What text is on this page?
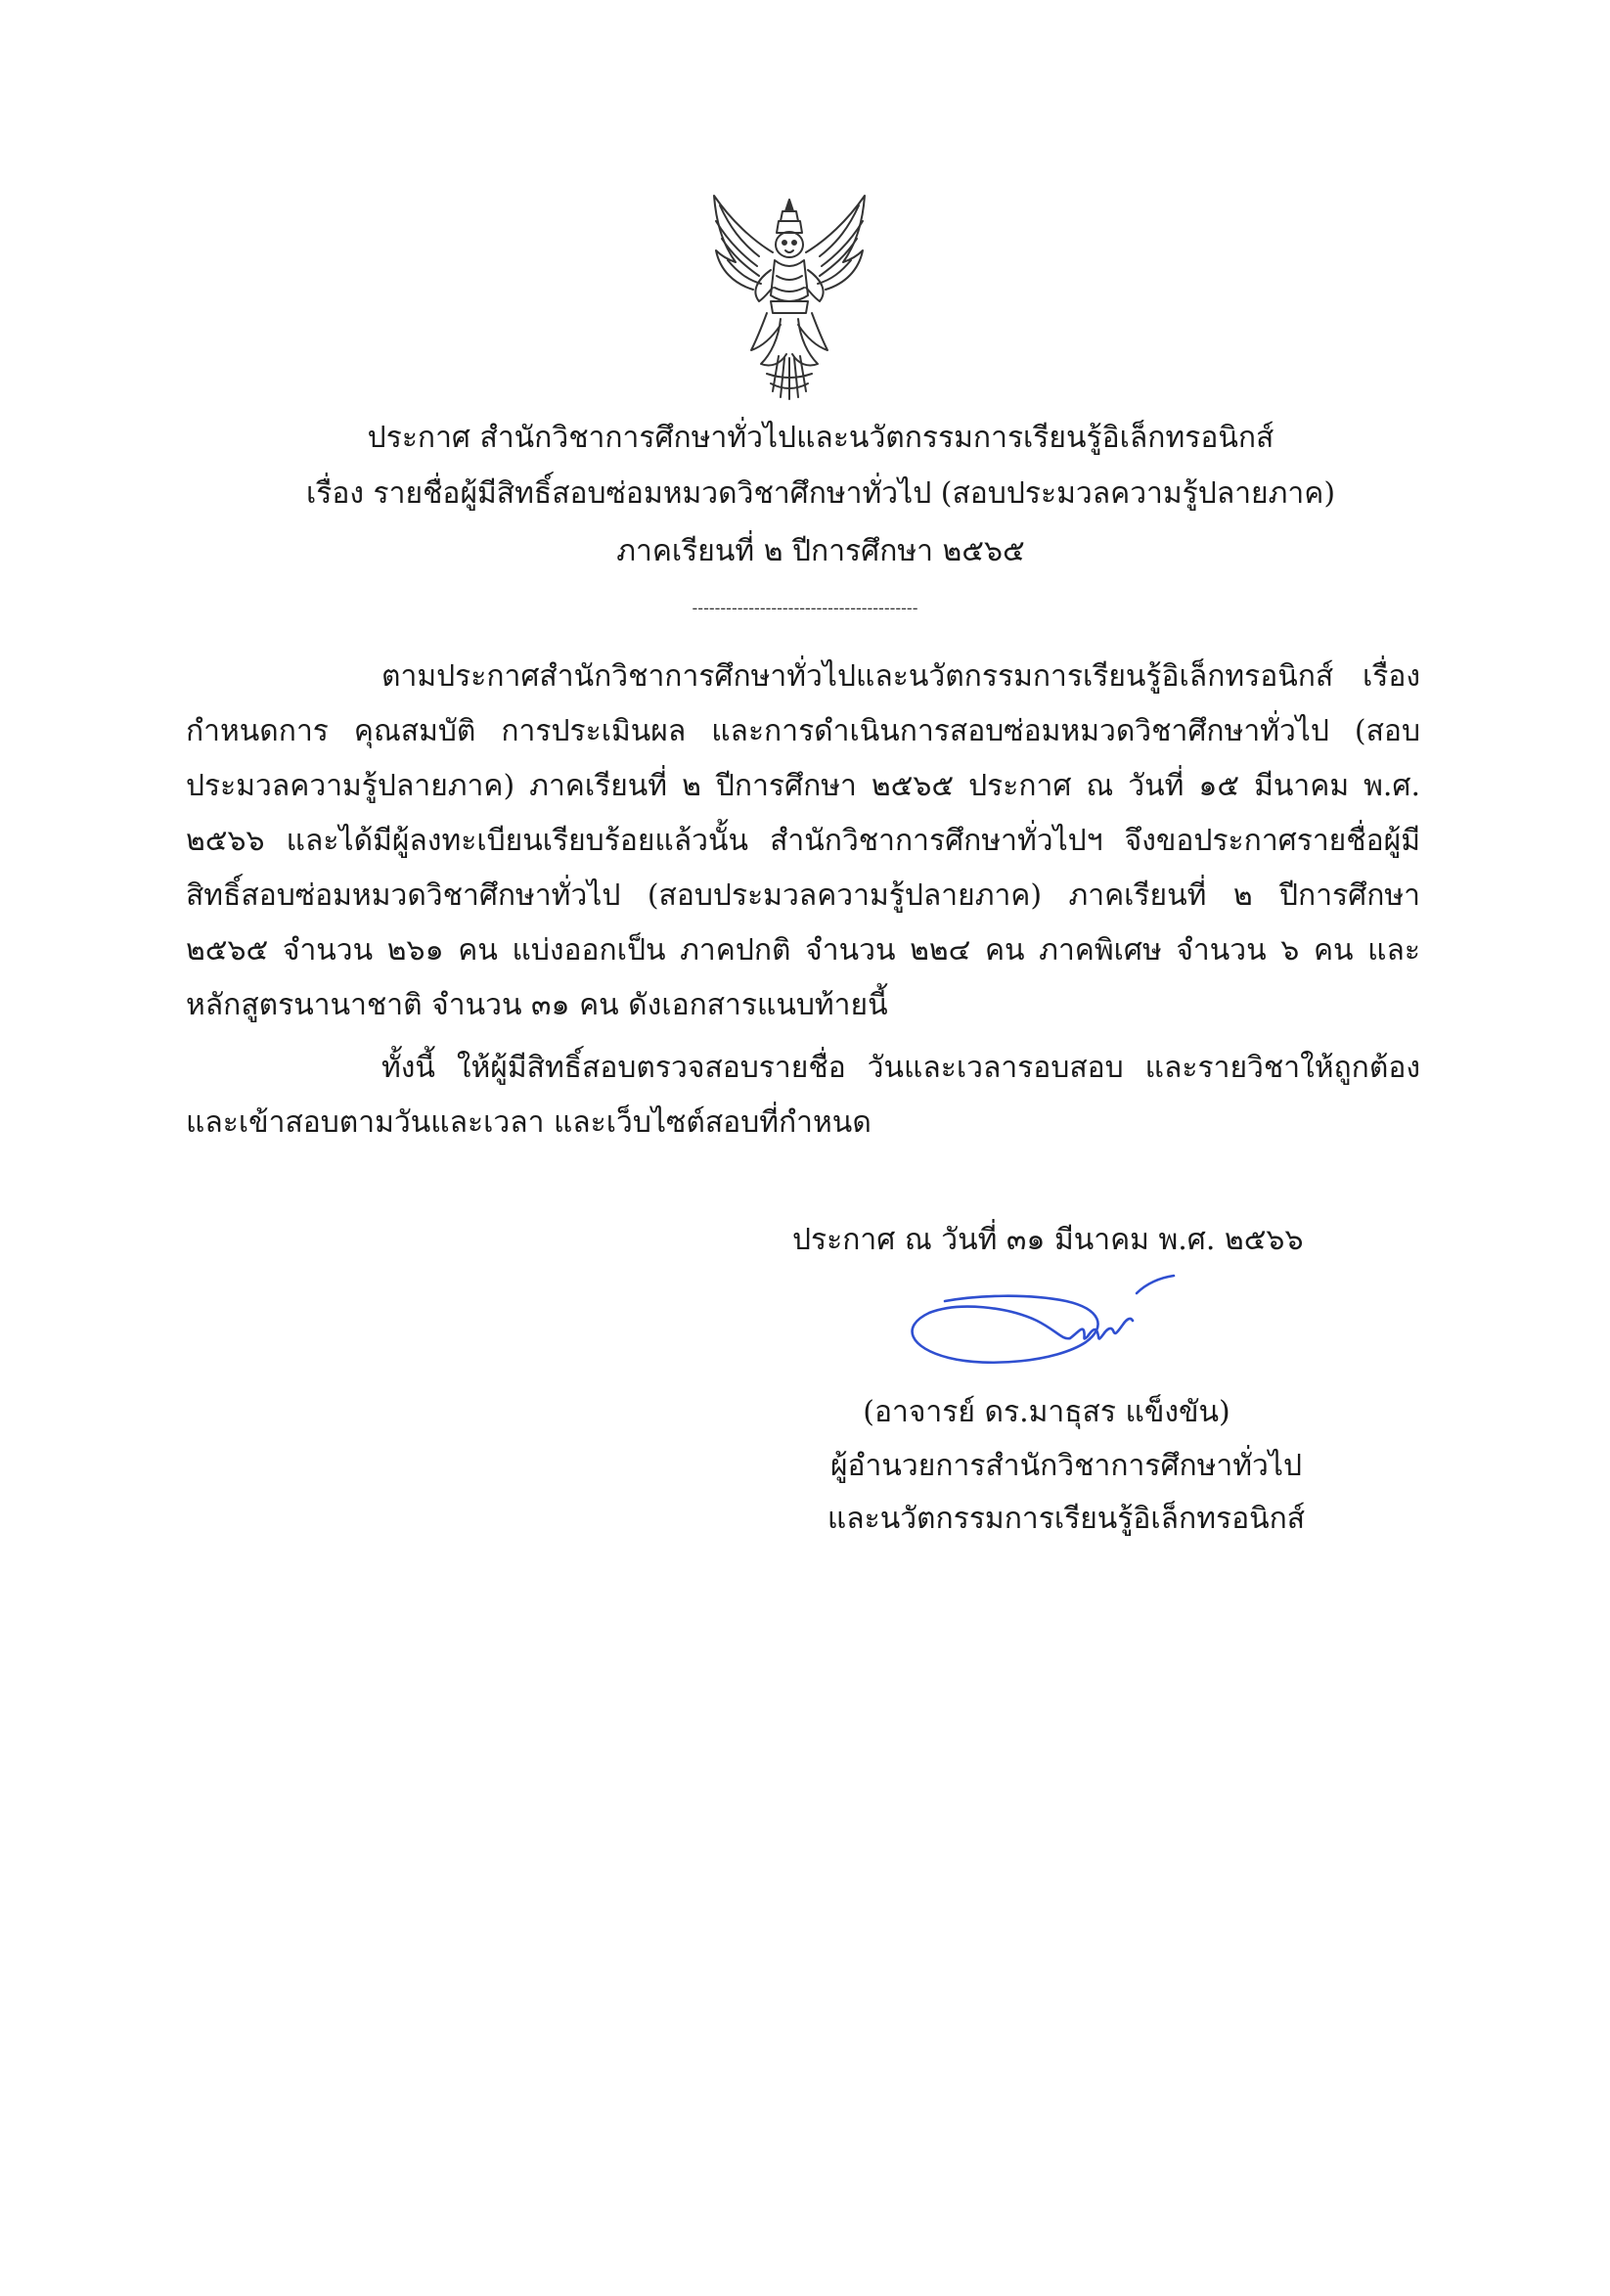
ประกาศ สำนักวิชาการศึกษาทั่วไปและนวัตกรรมการเรียนรู้อิเล็กทรอนิกส์
เรื่อง รายชื่อผู้มีสิทธิ์สอบซ่อมหมวดวิชาศึกษาทั่วไป (สอบประมวลความรู้ปลายภาค)
ภาคเรียนที่ ๒ ปีการศึกษา ๒๕๖๕
----------------------------------------
ตามประกาศสำนักวิชาการศึกษาทั่วไปและนวัตกรรมการเรียนรู้อิเล็กทรอนิกส์ เรื่อง กำหนดการ คุณสมบัติ การประเมินผล และการดำเนินการสอบซ่อมหมวดวิชาศึกษาทั่วไป (สอบประมวลความรู้ปลายภาค) ภาคเรียนที่ ๒ ปีการศึกษา ๒๕๖๕ ประกาศ ณ วันที่ ๑๕ มีนาคม พ.ศ. ๒๕๖๖ และได้มีผู้ลงทะเบียนเรียบร้อยแล้วนั้น สำนักวิชาการศึกษาทั่วไปฯ จึงขอประกาศรายชื่อผู้มีสิทธิ์สอบซ่อมหมวดวิชาศึกษาทั่วไป (สอบประมวลความรู้ปลายภาค) ภาคเรียนที่ ๒ ปีการศึกษา ๒๕๖๕ จำนวน ๒๖๑ คน แบ่งออกเป็น ภาคปกติ จำนวน ๒๒๔ คน ภาคพิเศษ จำนวน ๖ คน และหลักสูตรนานาชาติ จำนวน ๓๑ คน ดังเอกสารแนบท้ายนี้
ทั้งนี้ ให้ผู้มีสิทธิ์สอบตรวจสอบรายชื่อ วันและเวลารอบสอบ และรายวิชาให้ถูกต้อง และเข้าสอบตามวันและเวลา และเว็บไซต์สอบที่กำหนด
ประกาศ ณ วันที่ ๓๑ มีนาคม พ.ศ. ๒๕๖๖
(อาจารย์ ดร.มาธุสร แข็งขัน)
ผู้อำนวยการสำนักวิชาการศึกษาทั่วไป
และนวัตกรรมการเรียนรู้อิเล็กทรอนิกส์
